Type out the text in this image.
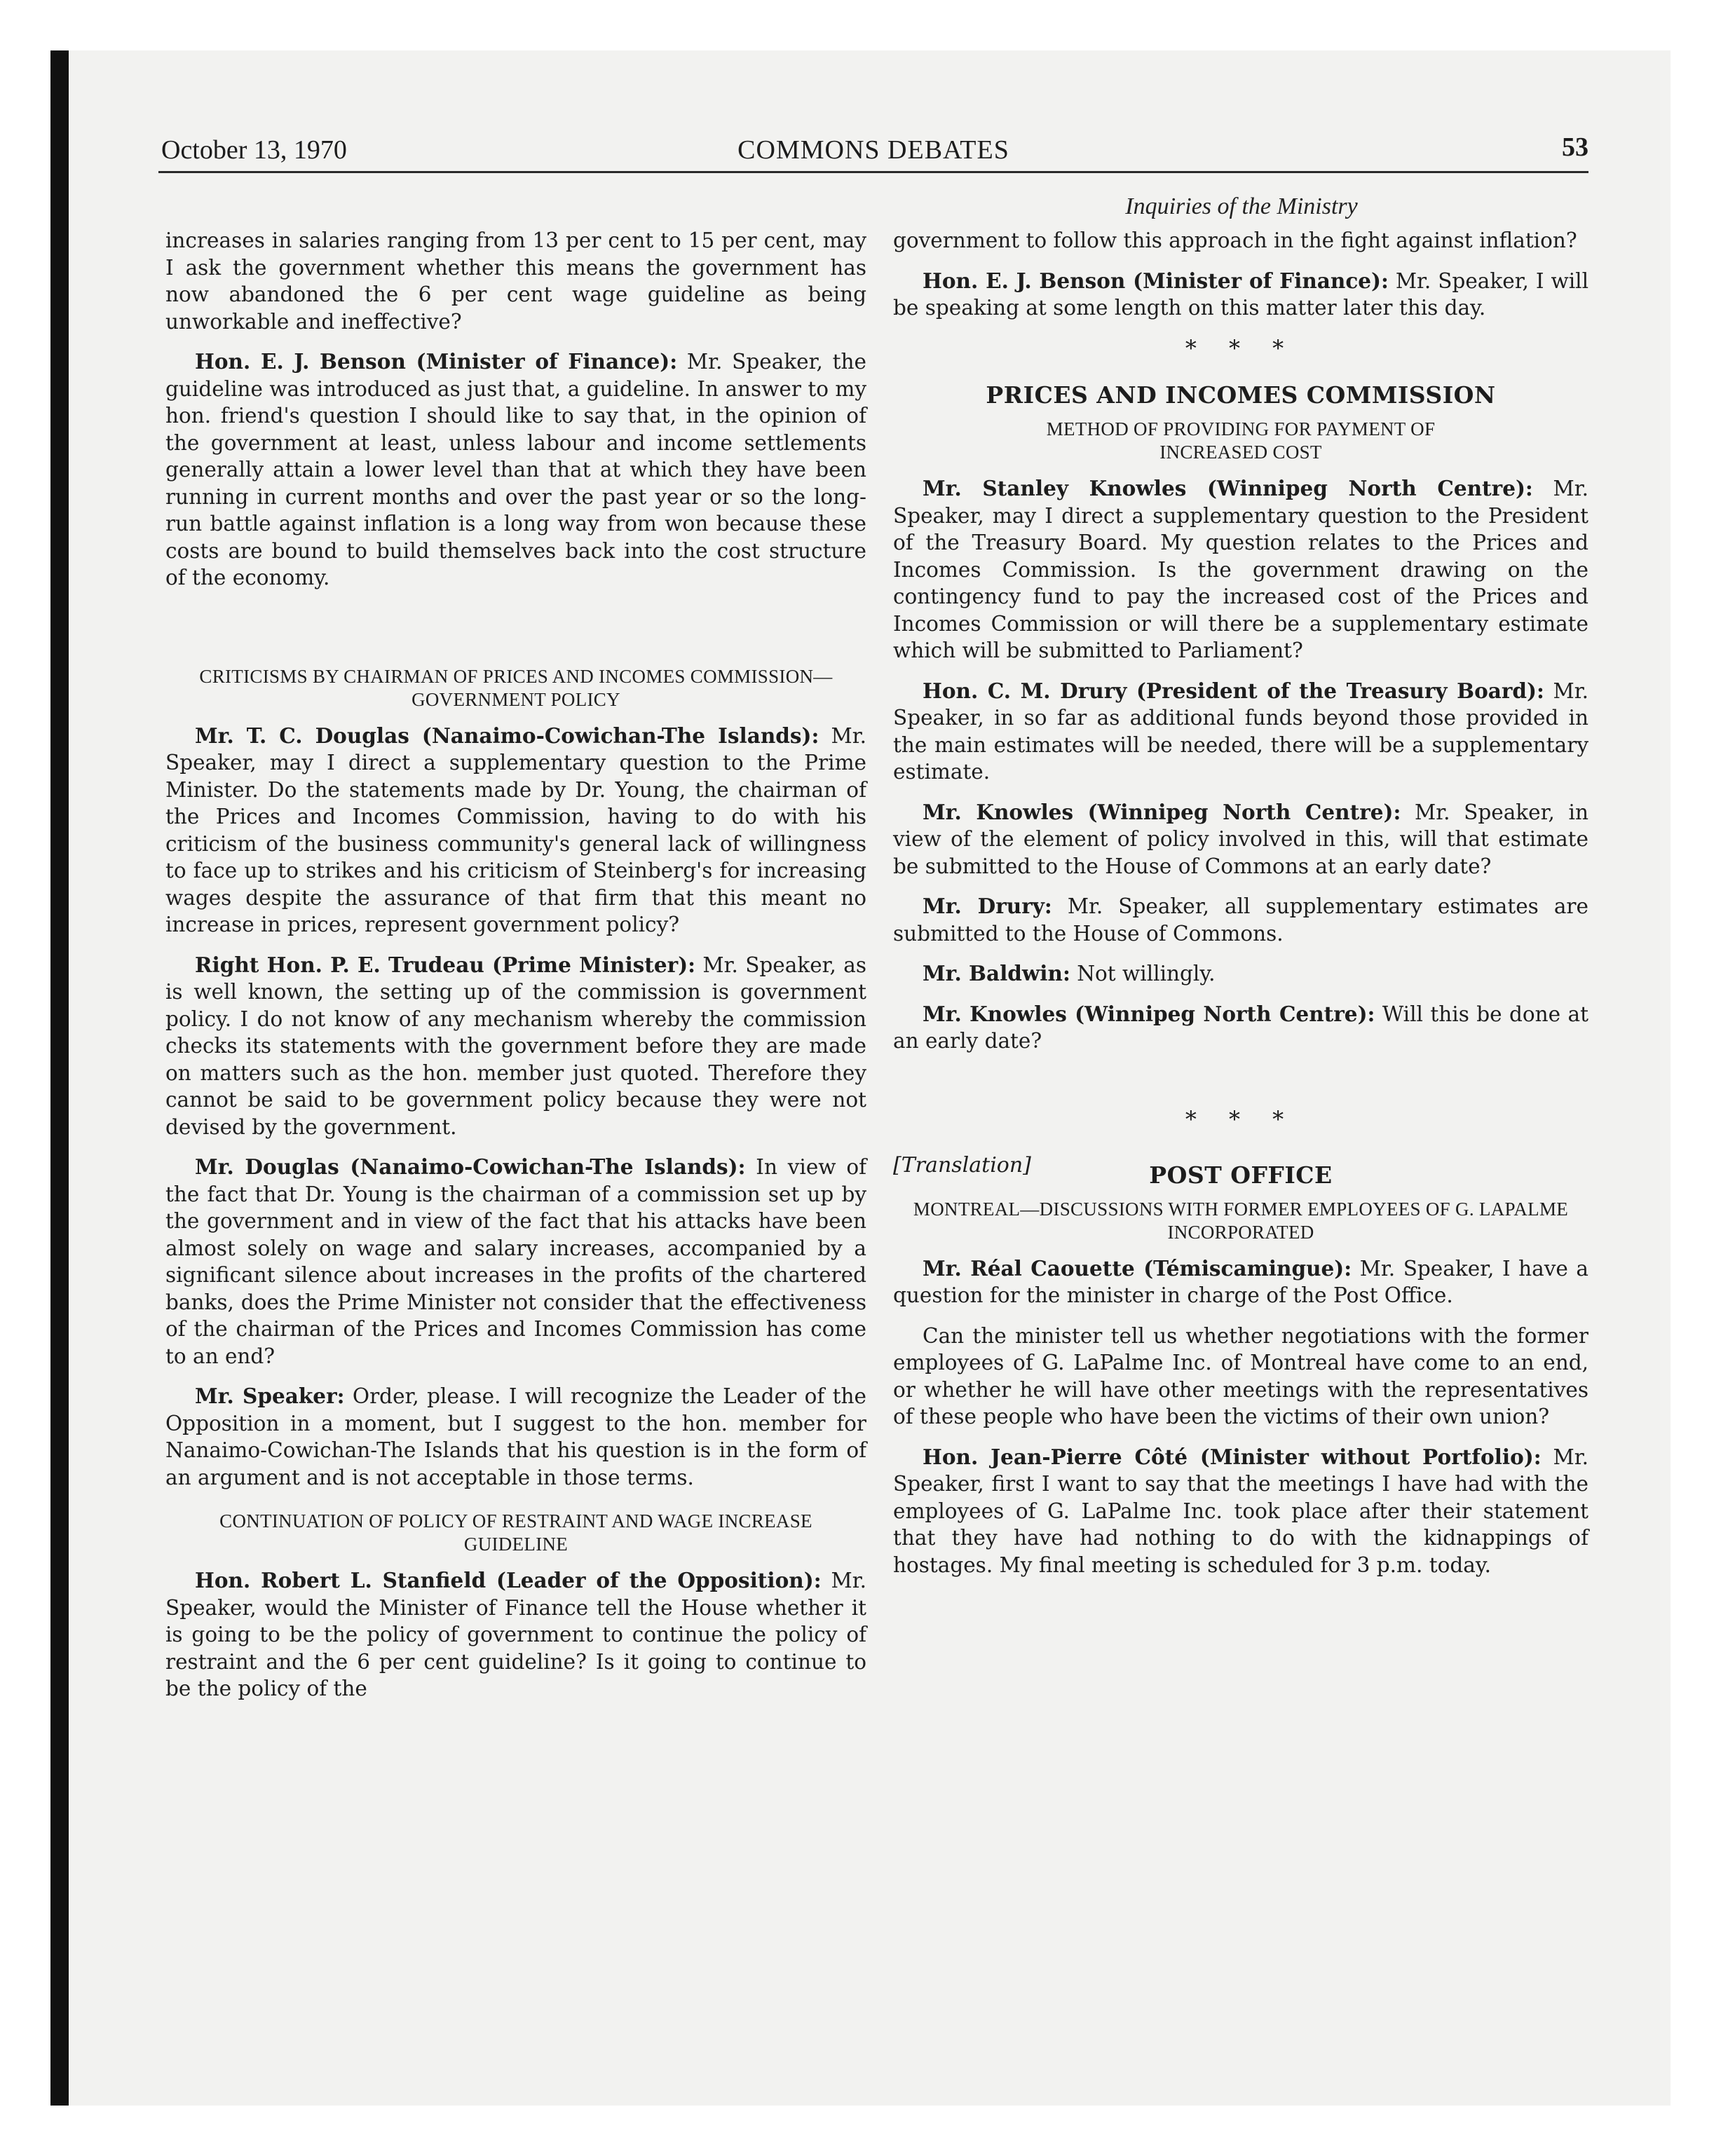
October 13, 1970	COMMONS DEBATES	53
Inquiries of the Ministry

increases in salaries ranging from 13 per cent to 15 per cent, may I ask the government whether this means the government has now abandoned the 6 per cent wage guideline as being unworkable and ineffective?

Hon. E. J. Benson (Minister of Finance): Mr. Speaker, the guideline was introduced as just that, a guideline. In answer to my hon. friend's question I should like to say that, in the opinion of the government at least, unless labour and income settlements generally attain a lower level than that at which they have been running in current months and over the past year or so the long-run battle against inflation is a long way from won because these costs are bound to build themselves back into the cost structure of the economy.

CRITICISMS BY CHAIRMAN OF PRICES AND INCOMES COMMISSION—GOVERNMENT POLICY

Mr. T. C. Douglas (Nanaimo-Cowichan-The Islands): Mr. Speaker, may I direct a supplementary question to the Prime Minister. Do the statements made by Dr. Young, the chairman of the Prices and Incomes Commission, having to do with his criticism of the business community's general lack of willingness to face up to strikes and his criticism of Steinberg's for increasing wages despite the assurance of that firm that this meant no increase in prices, represent government policy?

Right Hon. P. E. Trudeau (Prime Minister): Mr. Speaker, as is well known, the setting up of the commission is government policy. I do not know of any mechanism whereby the commission checks its statements with the government before they are made on matters such as the hon. member just quoted. Therefore they cannot be said to be government policy because they were not devised by the government.

Mr. Douglas (Nanaimo-Cowichan-The Islands): In view of the fact that Dr. Young is the chairman of a commission set up by the government and in view of the fact that his attacks have been almost solely on wage and salary increases, accompanied by a significant silence about increases in the profits of the chartered banks, does the Prime Minister not consider that the effectiveness of the chairman of the Prices and Incomes Commission has come to an end?

Mr. Speaker: Order, please. I will recognize the Leader of the Opposition in a moment, but I suggest to the hon. member for Nanaimo-Cowichan-The Islands that his question is in the form of an argument and is not acceptable in those terms.

CONTINUATION OF POLICY OF RESTRAINT AND WAGE INCREASE GUIDELINE

Hon. Robert L. Stanfield (Leader of the Opposition): Mr. Speaker, would the Minister of Finance tell the House whether it is going to be the policy of government to continue the policy of restraint and the 6 per cent guideline? Is it going to continue to be the policy of the

government to follow this approach in the fight against inflation?

Hon. E. J. Benson (Minister of Finance): Mr. Speaker, I will be speaking at some length on this matter later this day.

* * *
PRICES AND INCOMES COMMISSION
METHOD OF PROVIDING FOR PAYMENT OF INCREASED COST

Mr. Stanley Knowles (Winnipeg North Centre): Mr. Speaker, may I direct a supplementary question to the President of the Treasury Board. My question relates to the Prices and Incomes Commission. Is the government drawing on the contingency fund to pay the increased cost of the Prices and Incomes Commission or will there be a supplementary estimate which will be submitted to Parliament?

Hon. C. M. Drury (President of the Treasury Board): Mr. Speaker, in so far as additional funds beyond those provided in the main estimates will be needed, there will be a supplementary estimate.

Mr. Knowles (Winnipeg North Centre): Mr. Speaker, in view of the element of policy involved in this, will that estimate be submitted to the House of Commons at an early date?

Mr. Drury: Mr. Speaker, all supplementary estimates are submitted to the House of Commons.

Mr. Baldwin: Not willingly.

Mr. Knowles (Winnipeg North Centre): Will this be done at an early date?

* * *
[Translation]	POST OFFICE
MONTREAL—DISCUSSIONS WITH FORMER EMPLOYEES OF G. LAPALME INCORPORATED

Mr. Réal Caouette (Témiscamingue): Mr. Speaker, I have a question for the minister in charge of the Post Office.

Can the minister tell us whether negotiations with the former employees of G. LaPalme Inc. of Montreal have come to an end, or whether he will have other meetings with the representatives of these people who have been the victims of their own union?

Hon. Jean-Pierre Côté (Minister without Portfolio): Mr. Speaker, first I want to say that the meetings I have had with the employees of G. LaPalme Inc. took place after their statement that they have had nothing to do with the kidnappings of hostages. My final meeting is scheduled for 3 p.m. today.
